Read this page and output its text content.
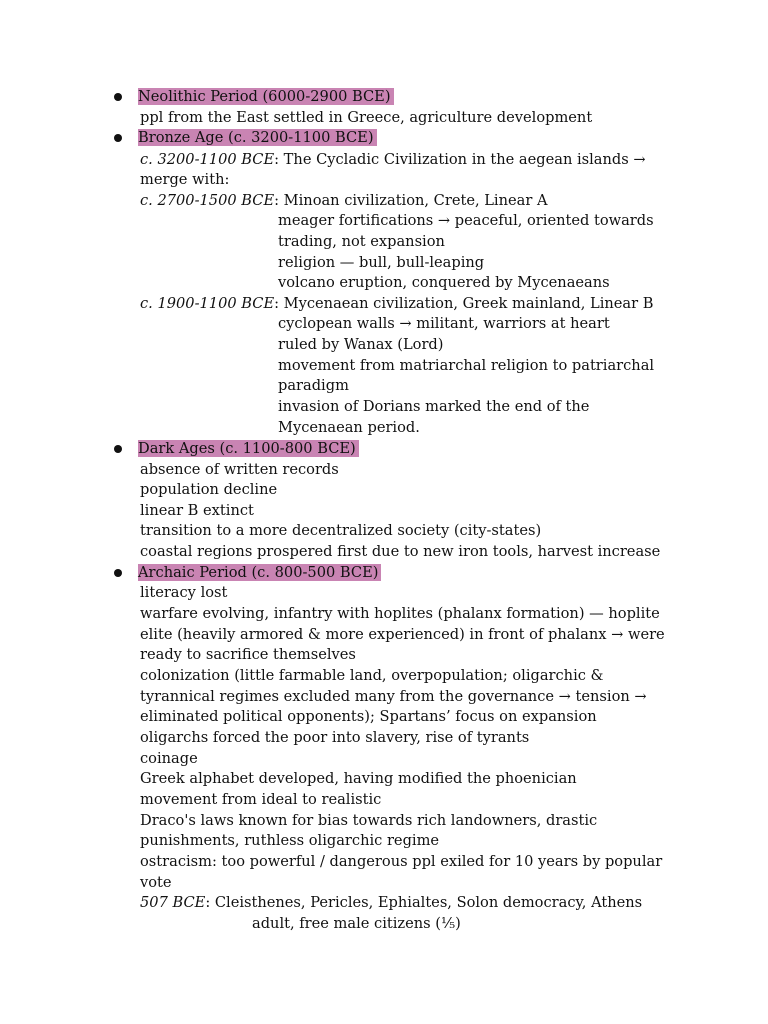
Neolithic Period (6000-2900 BCE)
ppl from the East settled in Greece, agriculture development
Bronze Age (c. 3200-1100 BCE)
c. 3200-1100 BCE: The Cycladic Civilization in the aegean islands →
merge with:
c. 2700-1500 BCE: Minoan civilization, Crete, Linear A
meager fortifications → peaceful, oriented towards
trading, not expansion
religion — bull, bull-leaping
volcano eruption, conquered by Mycenaeans
c. 1900-1100 BCE: Mycenaean civilization, Greek mainland, Linear B
cyclopean walls → militant, warriors at heart
ruled by Wanax (Lord)
movement from matriarchal religion to patriarchal
paradigm
invasion of Dorians marked the end of the
Mycenaean period.
Dark Ages (c. 1100-800 BCE)
absence of written records
population decline
linear B extinct
transition to a more decentralized society (city-states)
coastal regions prospered first due to new iron tools, harvest increase
Archaic Period (c. 800-500 BCE)
literacy lost
warfare evolving, infantry with hoplites (phalanx formation) — hoplite
elite (heavily armored & more experienced) in front of phalanx → were
ready to sacrifice themselves
colonization (little farmable land, overpopulation; oligarchic &
tyrannical regimes excluded many from the governance → tension →
eliminated political opponents); Spartans’ focus on expansion
oligarchs forced the poor into slavery, rise of tyrants
coinage
Greek alphabet developed, having modified the phoenician
movement from ideal to realistic
Draco's laws known for bias towards rich landowners, drastic
punishments, ruthless oligarchic regime
ostracism: too powerful / dangerous ppl exiled for 10 years by popular
vote
507 BCE: Cleisthenes, Pericles, Ephialtes, Solon democracy, Athens
adult, free male citizens (⅕)
